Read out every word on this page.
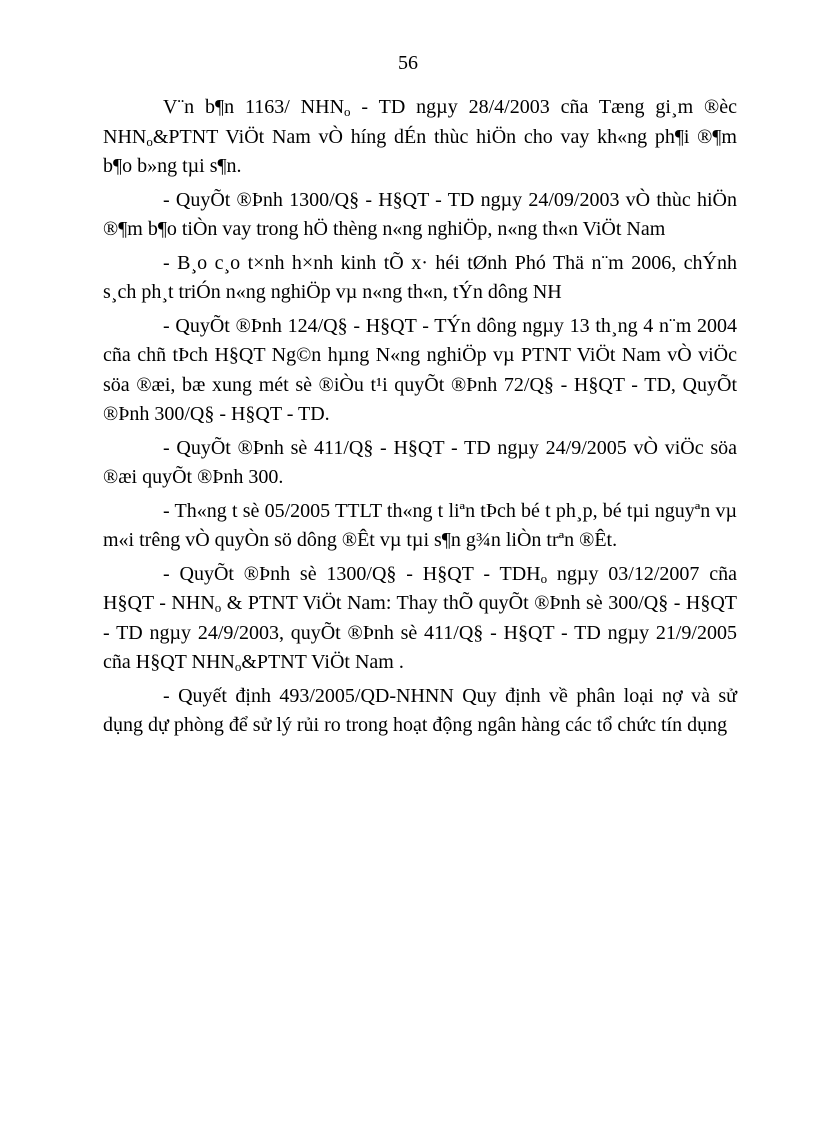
56

V¨n b¶n 1163/ $NHN_o$ - TD ngµy 28/4/2003 cña Tæng gi¸m ®èc $NHN_o\&PTNT$ ViÖt Nam vÒ híng dÉn thùc hiÖn cho vay kh«ng ph¶i ®¶m b¶o b»ng tµi s¶n.

- QuyÕt ®Þnh 1300/Q§ - H§QT - TD ngµy 24/09/2003 vÒ thùc hiÖn ®¶m b¶o tiÒn vay trong hÖ thèng n«ng nghiÖp, n«ng th«n ViÖt Nam

- B¸o c¸o t×nh h×nh kinh tÕ x· héi tØnh Phó Thä n¨m 2006, chÝnh s¸ch ph¸t triÓn n«ng nghiÖp vµ n«ng th«n, tÝn dông NH

- QuyÕt ®Þnh 124/Q§ - H§QT - TÝn dông ngµy 13 th¸ng 4 n¨m 2004 cña chñ tÞch H§QT Ng©n hµng N«ng nghiÖp vµ PTNT ViÖt Nam vÒ viÖc söa ®æi, bæ xung mét sè ®iÒu t¹i quyÕt ®Þnh 72/Q§ - H§QT - TD, QuyÕt ®Þnh 300/Q§ - H§QT - TD.

- QuyÕt ®Þnh sè 411/Q§ - H§QT - TD ngµy 24/9/2005 vÒ viÖc söa ®æi quyÕt ®Þnh 300.

- Th«ng t sè 05/2005 TTLT th«ng t liªn tÞch bé t ph¸p, bé tµi nguyªn vµ m«i trêng vÒ quyÒn sö dông ®Êt vµ tµi s¶n g¾n liÒn trªn ®Êt.

- QuyÕt ®Þnh sè 1300/Q§ - H§QT - $TDH_o$ ngµy 03/12/2007 cña H§QT - $NHN_o$ & PTNT ViÖt Nam: Thay thÕ quyÕt ®Þnh sè 300/Q§ - H§QT - TD ngµy 24/9/2003, quyÕt ®Þnh sè 411/Q§ - H§QT - TD ngµy 21/9/2005 cña H§QT $NHN_o\&PTNT$ ViÖt Nam .

- Quyết định 493/2005/QD-NHNN Quy định về phân loại nợ và sử dụng dự phòng để sử lý rủi ro trong hoạt động ngân hàng các tổ chức tín dụng
